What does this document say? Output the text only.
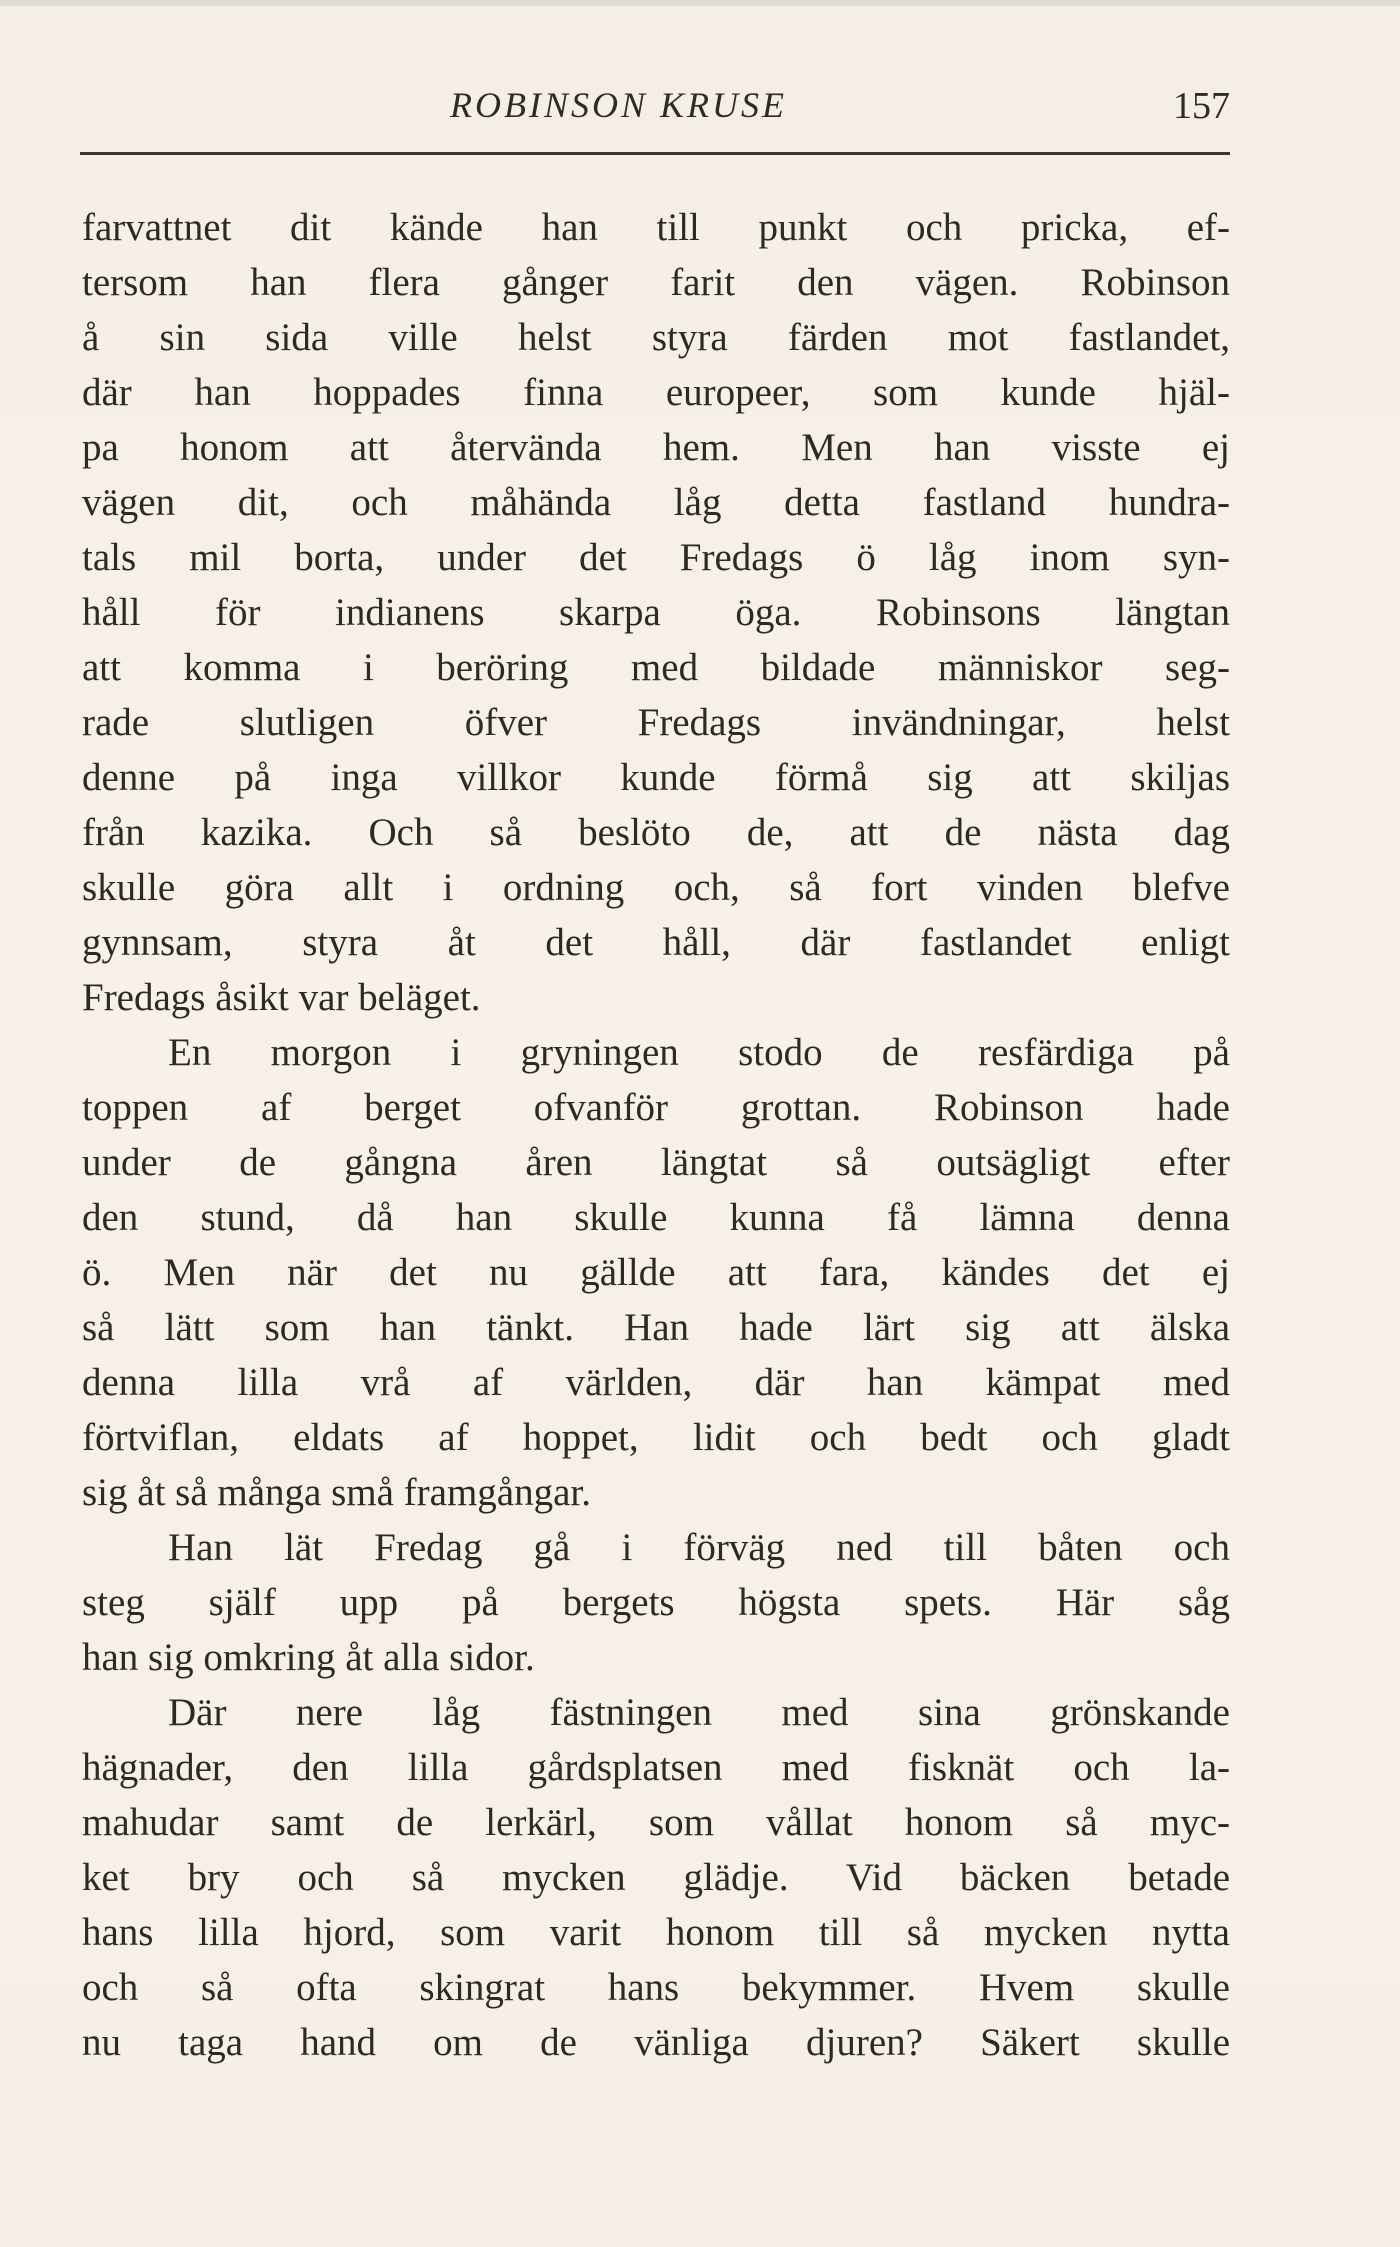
ROBINSON KRUSE	157
farvattnet dit kände han till punkt och pricka, ef-
tersom han flera gånger farit den vägen. Robinson
å sin sida ville helst styra färden mot fastlandet,
där han hoppades finna europeer, som kunde hjäl-
pa honom att återvända hem. Men han visste ej
vägen dit, och måhända låg detta fastland hundra-
tals mil borta, under det Fredags ö låg inom syn-
håll för indianens skarpa öga. Robinsons längtan
att komma i beröring med bildade människor seg-
rade slutligen öfver Fredags invändningar, helst
denne på inga villkor kunde förmå sig att skiljas
från kazika. Och så beslöto de, att de nästa dag
skulle göra allt i ordning och, så fort vinden blefve
gynnsam, styra åt det håll, där fastlandet enligt
Fredags åsikt var beläget.
En morgon i gryningen stodo de resfärdiga på
toppen af berget ofvanför grottan. Robinson hade
under de gångna åren längtat så outsägligt efter
den stund, då han skulle kunna få lämna denna
ö. Men när det nu gällde att fara, kändes det ej
så lätt som han tänkt. Han hade lärt sig att älska
denna lilla vrå af världen, där han kämpat med
förtviflan, eldats af hoppet, lidit och bedt och gladt
sig åt så många små framgångar.
Han lät Fredag gå i förväg ned till båten och
steg själf upp på bergets högsta spets. Här såg
han sig omkring åt alla sidor.
Där nere låg fästningen med sina grönskande
hägnader, den lilla gårdsplatsen med fisknät och la-
mahudar samt de lerkärl, som vållat honom så myc-
ket bry och så mycken glädje. Vid bäcken betade
hans lilla hjord, som varit honom till så mycken nytta
och så ofta skingrat hans bekymmer. Hvem skulle
nu taga hand om de vänliga djuren? Säkert skulle
